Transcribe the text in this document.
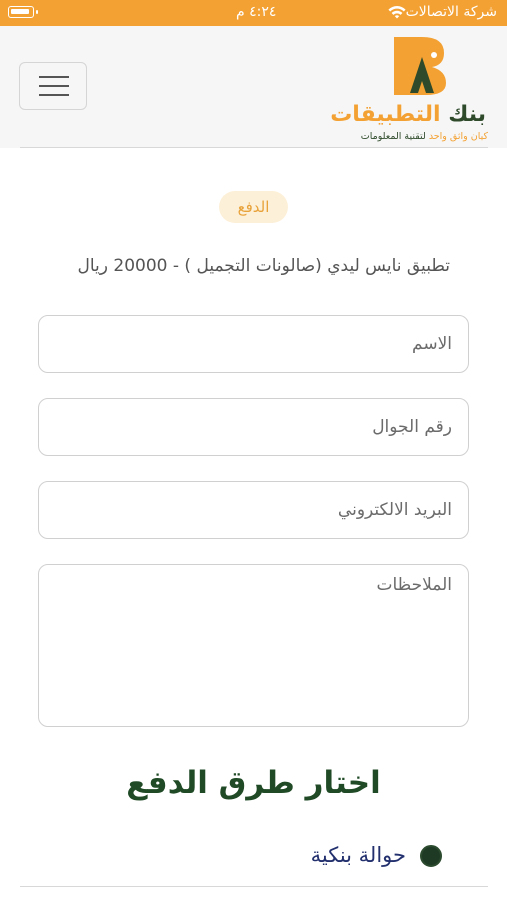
٤:٢٤ م	شركة الاتصالات
بنك التطبيقات
كيان واثق واحد لتقنية المعلومات
الدفع
تطبيق نايس ليدي (صالونات التجميل ) - 20000 ريال
الاسم
رقم الجوال
البريد الالكتروني
الملاحظات
اختار طرق الدفع
حوالة بنكية
